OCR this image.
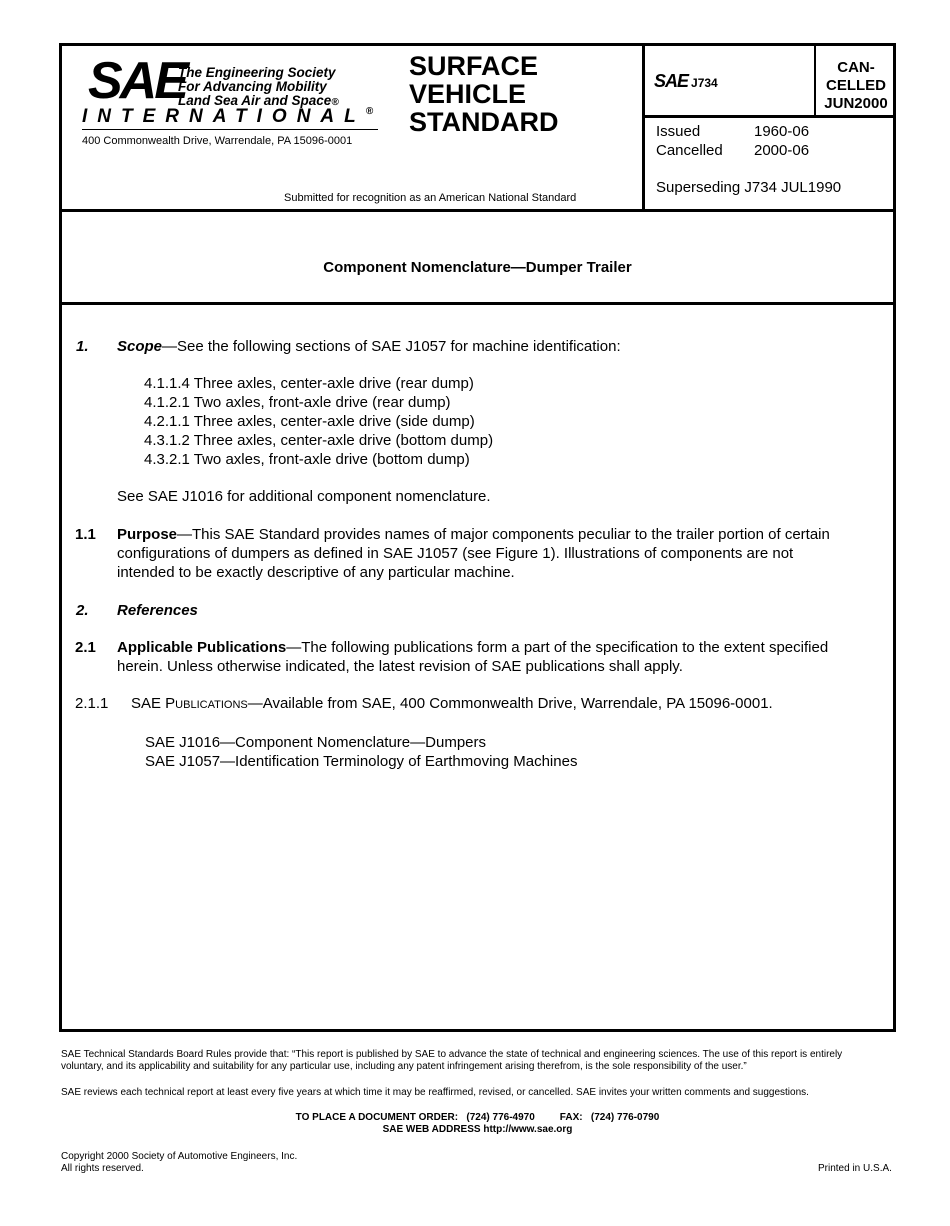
SAE
The Engineering Society
For Advancing Mobility
Land Sea Air and Space®
INTERNATIONAL®
400 Commonwealth Drive, Warrendale, PA 15096-0001
SURFACE
VEHICLE
STANDARD
Submitted for recognition as an American National Standard
SAE J734
CAN-
CELLED
JUN2000
Issued	1960-06
Cancelled 2000-06
Superseding J734 JUL1990
Component Nomenclature—Dumper Trailer
1. Scope—See the following sections of SAE J1057 for machine identification:
4.1.1.4 Three axles, center-axle drive (rear dump)
4.1.2.1 Two axles, front-axle drive (rear dump)
4.2.1.1 Three axles, center-axle drive (side dump)
4.3.1.2 Three axles, center-axle drive (bottom dump)
4.3.2.1 Two axles, front-axle drive (bottom dump)
See SAE J1016 for additional component nomenclature.
1.1 Purpose—This SAE Standard provides names of major components peculiar to the trailer portion of certain
configurations of dumpers as defined in SAE J1057 (see Figure 1). Illustrations of components are not
intended to be exactly descriptive of any particular machine.
2. References
2.1 Applicable Publications—The following publications form a part of the specification to the extent specified
herein. Unless otherwise indicated, the latest revision of SAE publications shall apply.
2.1.1 SAE Publications—Available from SAE, 400 Commonwealth Drive, Warrendale, PA 15096-0001.
SAE J1016—Component Nomenclature—Dumpers
SAE J1057—Identification Terminology of Earthmoving Machines
SAE Technical Standards Board Rules provide that: “This report is published by SAE to advance the state of technical and engineering sciences. The use of this report is entirely
voluntary, and its applicability and suitability for any particular use, including any patent infringement arising therefrom, is the sole responsibility of the user.”
SAE reviews each technical report at least every five years at which time it may be reaffirmed, revised, or cancelled. SAE invites your written comments and suggestions.
TO PLACE A DOCUMENT ORDER:   (724) 776-4970         FAX:   (724) 776-0790
SAE WEB ADDRESS http://www.sae.org
Copyright 2000 Society of Automotive Engineers, Inc.
All rights reserved.	Printed in U.S.A.
